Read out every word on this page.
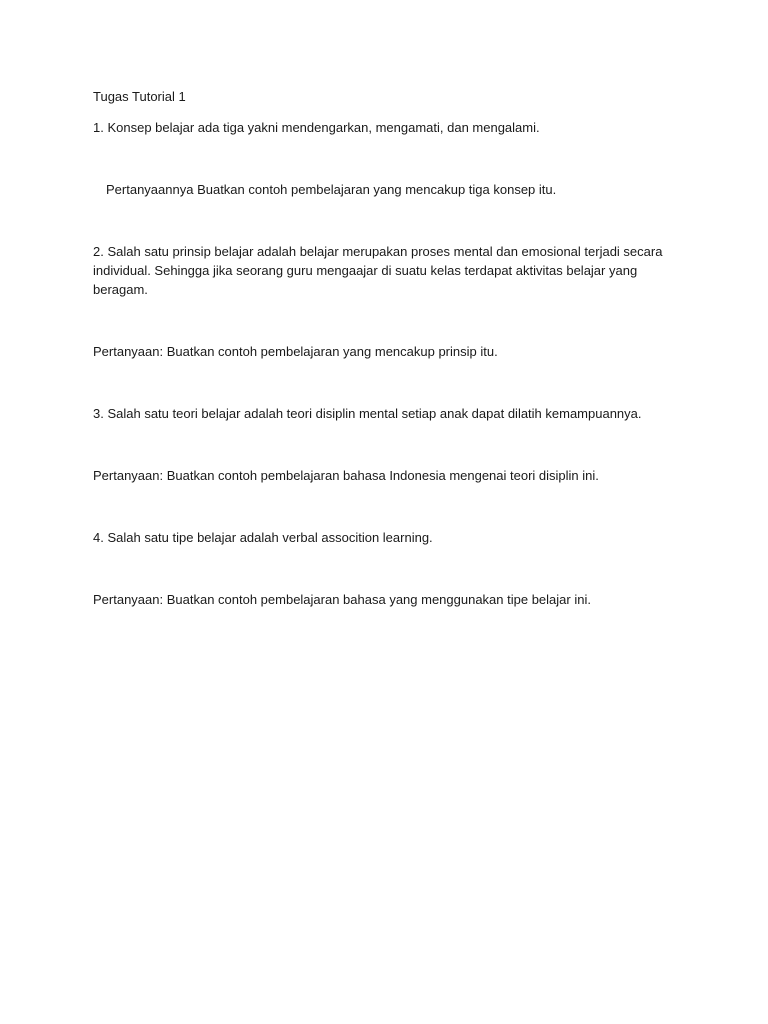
Tugas Tutorial 1

1. Konsep belajar ada tiga yakni mendengarkan, mengamati, dan mengalami.

Pertanyaannya Buatkan contoh pembelajaran yang mencakup tiga konsep itu.

2. Salah satu prinsip belajar adalah belajar merupakan proses mental dan emosional terjadi secara individual. Sehingga jika seorang guru mengaajar di suatu kelas terdapat aktivitas belajar yang beragam.

Pertanyaan: Buatkan contoh pembelajaran yang mencakup prinsip itu.

3. Salah satu teori belajar adalah teori disiplin mental setiap anak dapat dilatih kemampuannya.

Pertanyaan: Buatkan contoh pembelajaran bahasa Indonesia mengenai teori disiplin ini.

4. Salah satu tipe belajar adalah verbal assocition learning.

Pertanyaan: Buatkan contoh pembelajaran bahasa yang menggunakan tipe belajar ini.
